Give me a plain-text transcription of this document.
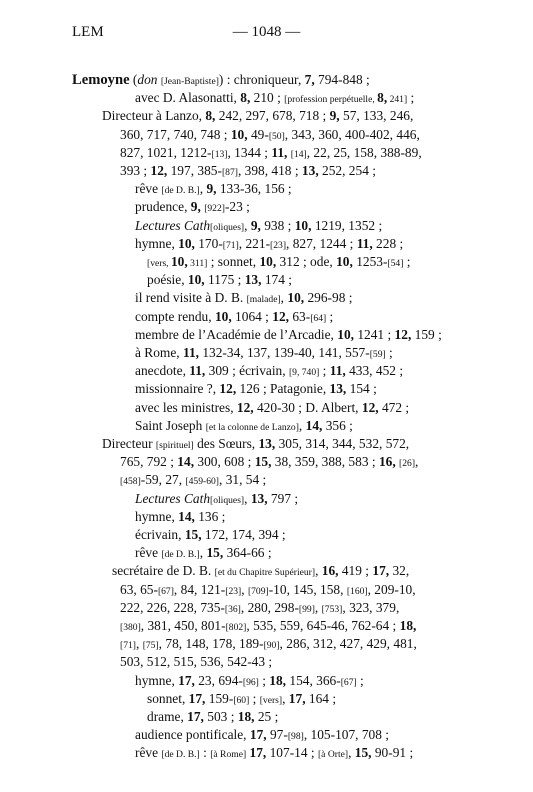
LEM	— 1048 —
Lemoyne (don [Jean-Baptiste]) : chroniqueur, 7, 794-848 ;
avec D. Alasonatti, 8, 210 ; [profession perpétuelle, 8, 241] ;
Directeur à Lanzo, 8, 242, 297, 678, 718 ; 9, 57, 133, 246,
360, 717, 740, 748 ; 10, 49-[50], 343, 360, 400-402, 446,
827, 1021, 1212-[13], 1344 ; 11, [14], 22, 25, 158, 388-89,
393 ; 12, 197, 385-[87], 398, 418 ; 13, 252, 254 ;
rêve [de D. B.], 9, 133-36, 156 ;
prudence, 9, [922]-23 ;
Lectures Cath[oliques], 9, 938 ; 10, 1219, 1352 ;
hymne, 10, 170-[71], 221-[23], 827, 1244 ; 11, 228 ;
[vers, 10, 311] ; sonnet, 10, 312 ; ode, 10, 1253-[54] ;
poésie, 10, 1175 ; 13, 174 ;
il rend visite à D. B. [malade], 10, 296-98 ;
compte rendu, 10, 1064 ; 12, 63-[64] ;
membre de l’Académie de l’Arcadie, 10, 1241 ; 12, 159 ;
à Rome, 11, 132-34, 137, 139-40, 141, 557-[59] ;
anecdote, 11, 309 ; écrivain, [9, 740] ; 11, 433, 452 ;
missionnaire ?, 12, 126 ; Patagonie, 13, 154 ;
avec les ministres, 12, 420-30 ; D. Albert, 12, 472 ;
Saint Joseph [et la colonne de Lanzo], 14, 356 ;
Directeur [spirituel] des Sœurs, 13, 305, 314, 344, 532, 572,
765, 792 ; 14, 300, 608 ; 15, 38, 359, 388, 583 ; 16, [26],
[458]-59, 27, [459-60], 31, 54 ;
Lectures Cath[oliques], 13, 797 ;
hymne, 14, 136 ;
écrivain, 15, 172, 174, 394 ;
rêve [de D. B.], 15, 364-66 ;
secrétaire de D. B. [et du Chapitre Supérieur], 16, 419 ; 17, 32,
63, 65-[67], 84, 121-[23], [709]-10, 145, 158, [160], 209-10,
222, 226, 228, 735-[36], 280, 298-[99], [753], 323, 379,
[380], 381, 450, 801-[802], 535, 559, 645-46, 762-64 ; 18,
[71], [75], 78, 148, 178, 189-[90], 286, 312, 427, 429, 481,
503, 512, 515, 536, 542-43 ;
hymne, 17, 23, 694-[96] ; 18, 154, 366-[67] ;
sonnet, 17, 159-[60] ; [vers], 17, 164 ;
drame, 17, 503 ; 18, 25 ;
audience pontificale, 17, 97-[98], 105-107, 708 ;
rêve [de D. B.] : [à Rome] 17, 107-14 ; [à Orte], 15, 90-91 ;
